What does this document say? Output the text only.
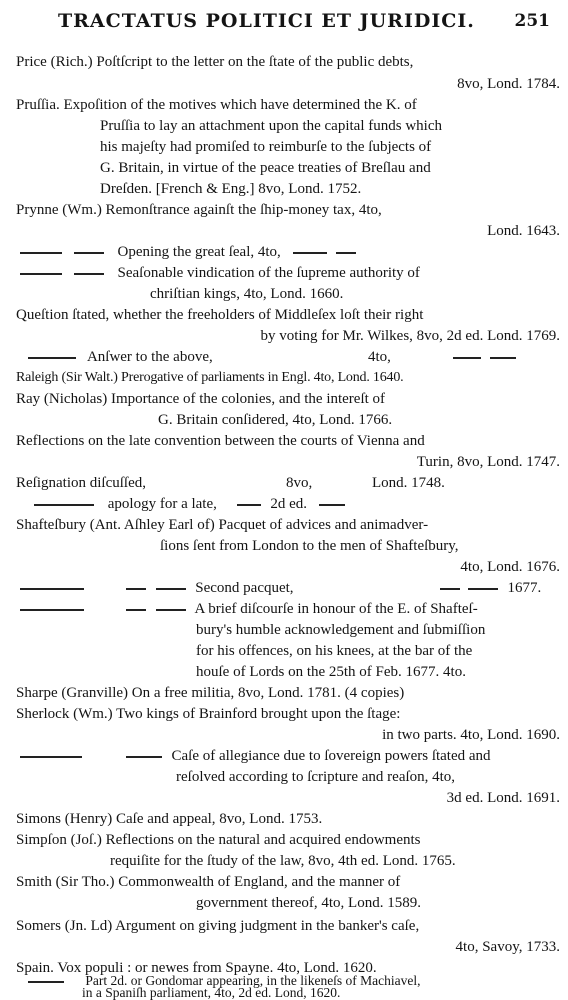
TRACTATUS POLITICI ET JURIDICI. 251
Price (Rich.) Poſtſcript to the letter on the ſtate of the public debts,
8vo, Lond. 1784.
Pruſſia. Expoſition of the motives which have determined the K. of
Pruſſia to lay an attachment upon the capital funds which
his majeſty had promiſed to reimburſe to the ſubjects of
G. Britain, in virtue of the peace treaties of Breſlau and
Dreſden. [French & Eng.] 8vo, Lond. 1752.
Prynne (Wm.) Remonſtrance againſt the ſhip-money tax, 4to,
Lond. 1643.
Opening the great ſeal, 4to,
Seaſonable vindication of the ſupreme authority of
chriſtian kings, 4to, Lond. 1660.
Queſtion ſtated, whether the freeholders of Middleſex loſt their right
by voting for Mr. Wilkes, 8vo, 2d ed. Lond. 1769.
Anſwer to the above,	4to,
Raleigh (Sir Walt.) Prerogative of parliaments in Engl. 4to, Lond. 1640.
Ray (Nicholas) Importance of the colonies, and the intereſt of
G. Britain conſidered, 4to, Lond. 1766.
Reflections on the late convention between the courts of Vienna and
Turin, 8vo, Lond. 1747.
Reſignation diſcuſſed,	8vo,	Lond. 1748.
apology for a late,	2d ed.
Shafteſbury (Ant. Aſhley Earl of) Pacquet of advices and animadver-
ſions ſent from London to the men of Shafteſbury,
4to, Lond. 1676.
Second pacquet,	1677.
A brief diſcourſe in honour of the E. of Shafteſ-
bury's humble acknowledgement and ſubmiſſion
for his offences, on his knees, at the bar of the
houſe of Lords on the 25th of Feb. 1677. 4to.
Sharpe (Granville) On a free militia, 8vo, Lond. 1781. (4 copies)
Sherlock (Wm.) Two kings of Brainford brought upon the ſtage:
in two parts. 4to, Lond. 1690.
Caſe of allegiance due to ſovereign powers ſtated and
reſolved according to ſcripture and reaſon, 4to,
3d ed. Lond. 1691.
Simons (Henry) Caſe and appeal, 8vo, Lond. 1753.
Simpſon (Joſ.) Reflections on the natural and acquired endowments
requiſite for the ſtudy of the law, 8vo, 4th ed. Lond. 1765.
Smith (Sir Tho.) Commonwealth of England, and the manner of
government thereof, 4to, Lond. 1589.
Somers (Jn. Ld) Argument on giving judgment in the banker's caſe,
4to, Savoy, 1733.
Spain. Vox populi : or newes from Spayne. 4to, Lond. 1620.
Part 2d. or Gondomar appearing, in the likeneſs of Machiavel,
in a Spaniſh parliament, 4to, 2d ed. Lond, 1620.
